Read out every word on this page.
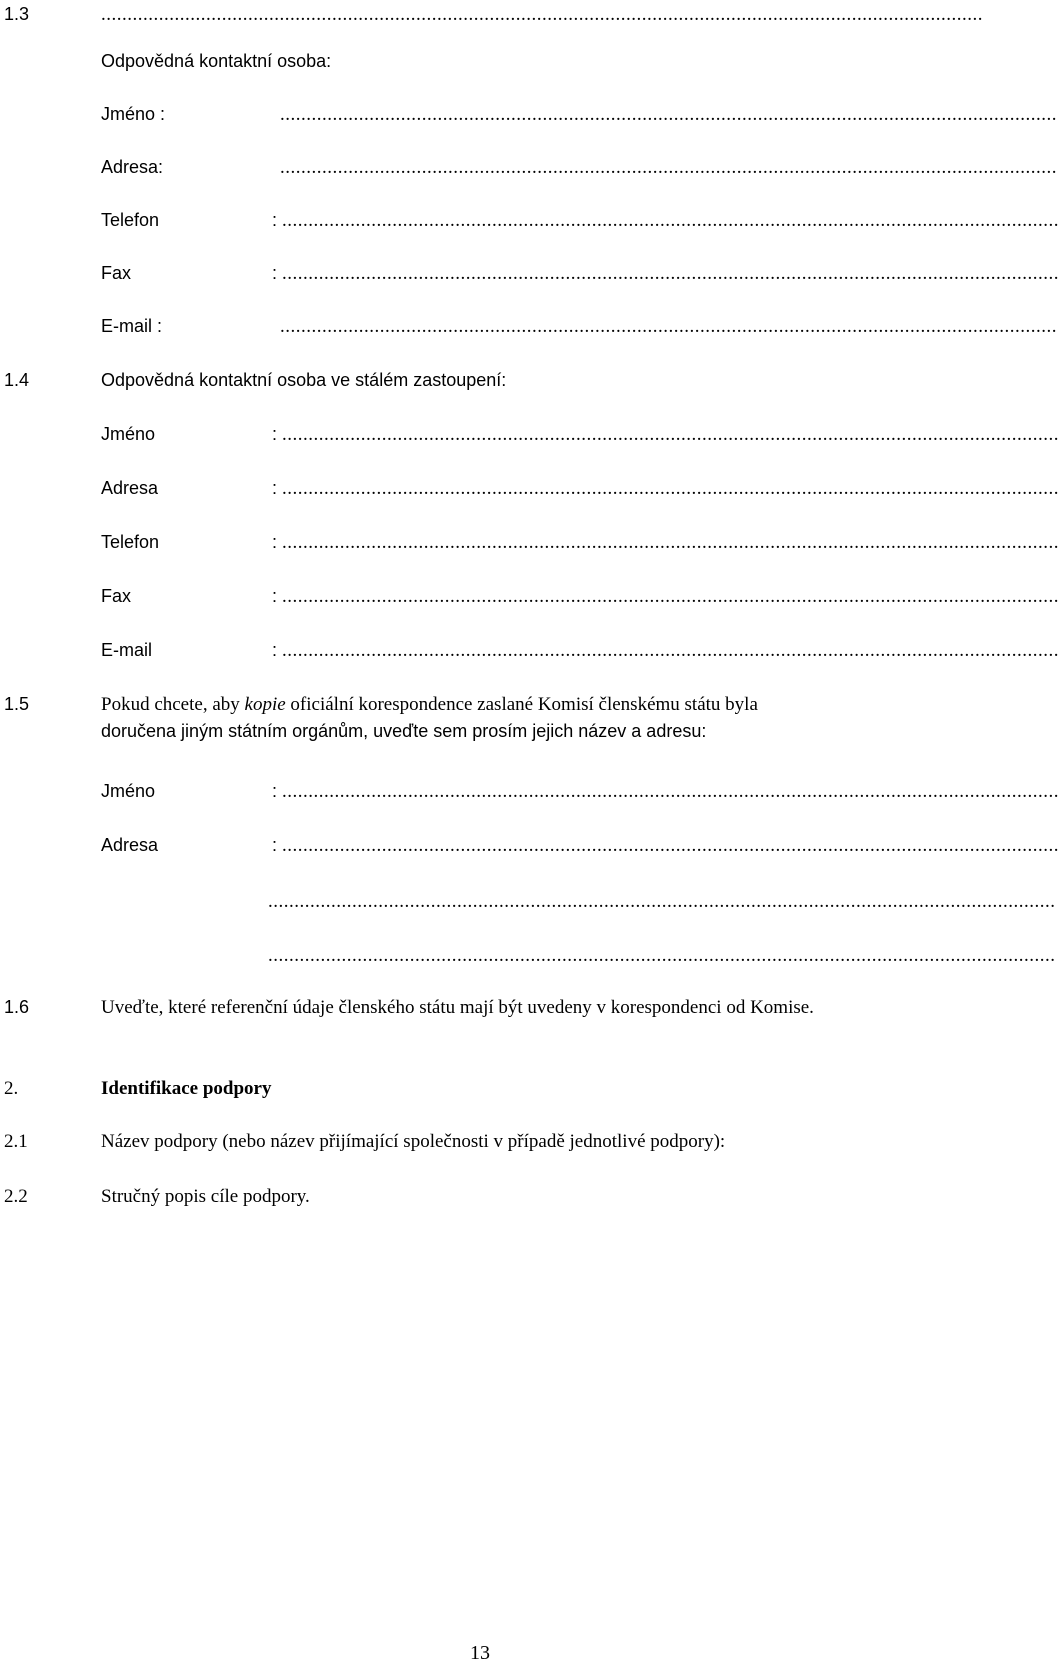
1.3	........................................................................................................................................................................
Odpovědná kontaktní osoba:
Jméno :	....................................................................................................................................................
Adresa:	....................................................................................................................................................
Telefon	: ....................................................................................................................................................
Fax	: ....................................................................................................................................................
E-mail :	....................................................................................................................................................
1.4	Odpovědná kontaktní osoba ve stálém zastoupení:
Jméno	: ....................................................................................................................................................
Adresa	: ....................................................................................................................................................
Telefon	: ....................................................................................................................................................
Fax	: ....................................................................................................................................................
E-mail	: ....................................................................................................................................................
1.5	Pokud chcete, aby kopie oficiální korespondence zaslané Komisí členskému státu byla
doručena jiným státním orgánům, uveďte sem prosím jejich název a adresu:
Jméno	: ....................................................................................................................................................
Adresa	: ....................................................................................................................................................
......................................................................................................................................................
......................................................................................................................................................
1.6	Uveďte, které referenční údaje členského státu mají být uvedeny v korespondenci od Komise.
2.	Identifikace podpory
2.1	Název podpory (nebo název přijímající společnosti v případě jednotlivé podpory):
2.2	Stručný popis cíle podpory.
13
